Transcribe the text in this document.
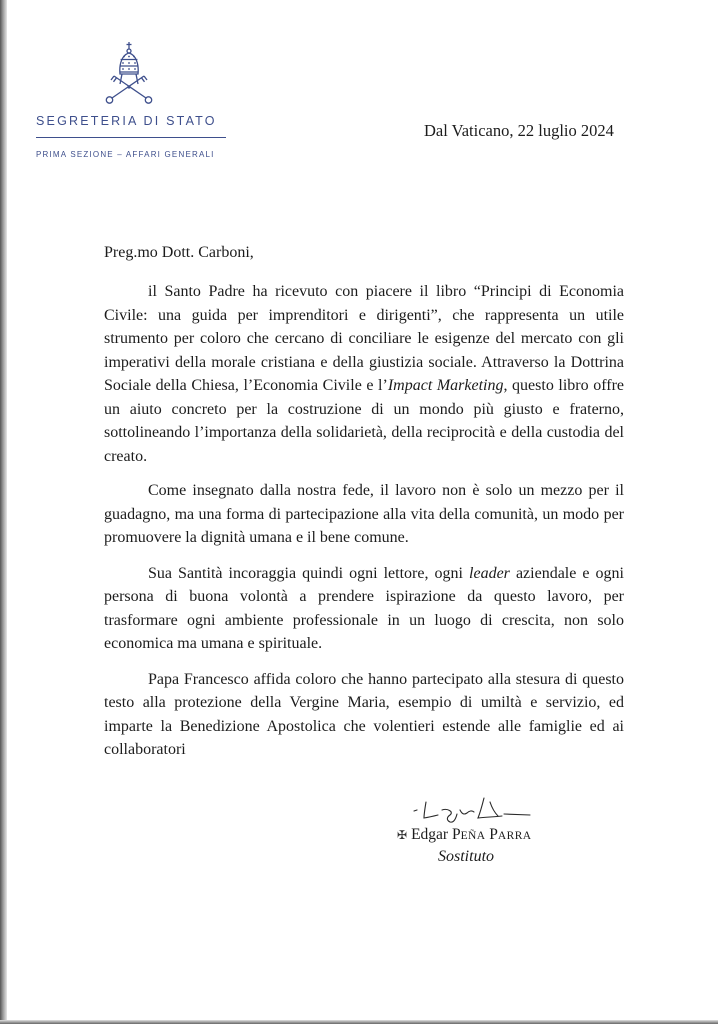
SEGRETERIA DI STATO
PRIMA SEZIONE – AFFARI GENERALI
Dal Vaticano, 22 luglio 2024
Preg.mo Dott. Carboni,

il Santo Padre ha ricevuto con piacere il libro “Principi di Economia Civile: una guida per imprenditori e dirigenti”, che rappresenta un utile strumento per coloro che cercano di conciliare le esigenze del mercato con gli imperativi della morale cristiana e della giustizia sociale. Attraverso la Dottrina Sociale della Chiesa, l’Economia Civile e l’Impact Marketing, questo libro offre un aiuto concreto per la costruzione di un mondo più giusto e fraterno, sottolineando l’importanza della solidarietà, della reciprocità e della custodia del creato.

Come insegnato dalla nostra fede, il lavoro non è solo un mezzo per il guadagno, ma una forma di partecipazione alla vita della comunità, un modo per promuovere la dignità umana e il bene comune.

Sua Santità incoraggia quindi ogni lettore, ogni leader aziendale e ogni persona di buona volontà a prendere ispirazione da questo lavoro, per trasformare ogni ambiente professionale in un luogo di crescita, non solo economica ma umana e spirituale.

Papa Francesco affida coloro che hanno partecipato alla stesura di questo testo alla protezione della Vergine Maria, esempio di umiltà e servizio, ed imparte la Benedizione Apostolica che volentieri estende alle famiglie ed ai collaboratori

✠ Edgar PEÑA PARRA
Sostituto
